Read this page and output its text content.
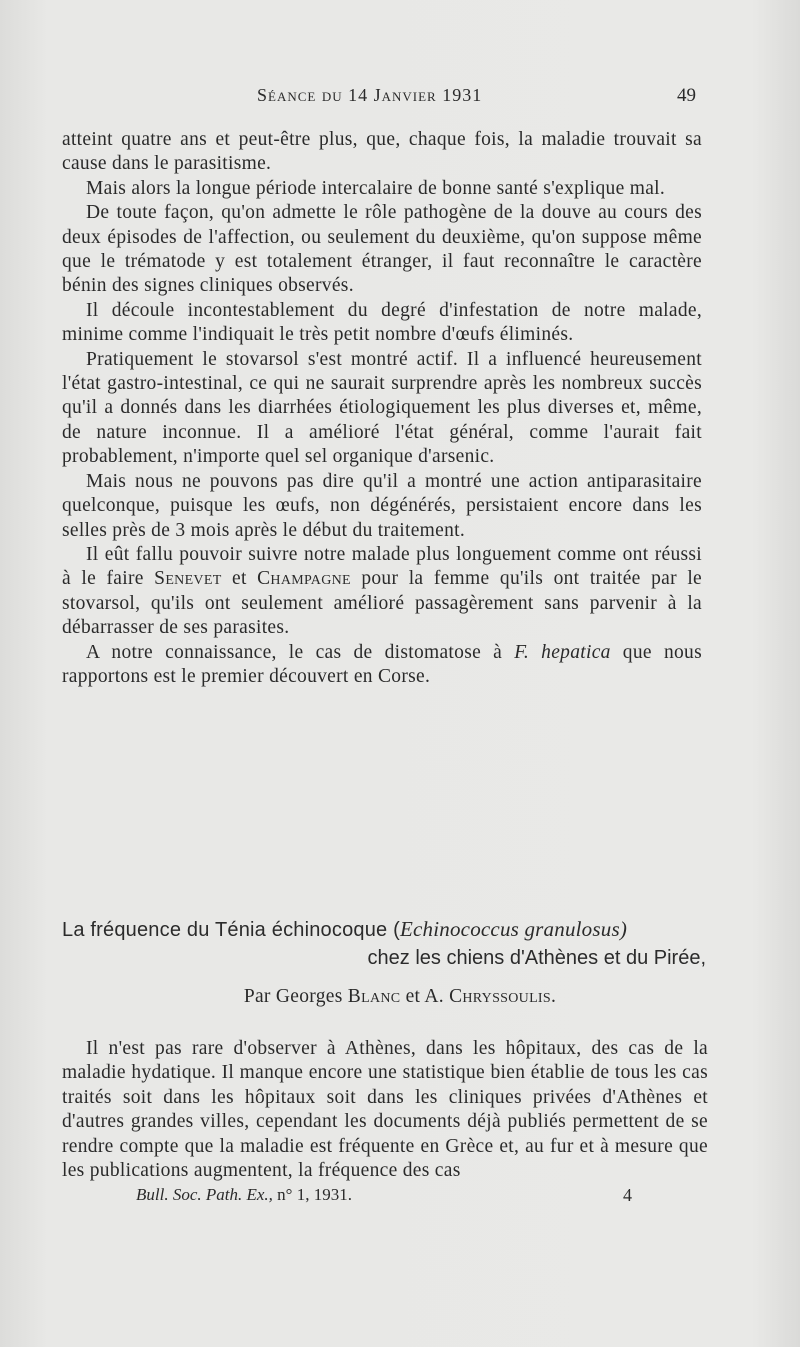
Séance du 14 Janvier 1931	49

atteint quatre ans et peut-être plus, que, chaque fois, la maladie trouvait sa cause dans le parasitisme.

Mais alors la longue période intercalaire de bonne santé s'explique mal.

De toute façon, qu'on admette le rôle pathogène de la douve au cours des deux épisodes de l'affection, ou seulement du deuxième, qu'on suppose même que le trématode y est totalement étranger, il faut reconnaître le caractère bénin des signes cliniques observés.

Il découle incontestablement du degré d'infestation de notre malade, minime comme l'indiquait le très petit nombre d'œufs éliminés.

Pratiquement le stovarsol s'est montré actif. Il a influencé heureusement l'état gastro-intestinal, ce qui ne saurait surprendre après les nombreux succès qu'il a donnés dans les diarrhées étiologiquement les plus diverses et, même, de nature inconnue. Il a amélioré l'état général, comme l'aurait fait probablement, n'importe quel sel organique d'arsenic.

Mais nous ne pouvons pas dire qu'il a montré une action antiparasitaire quelconque, puisque les œufs, non dégénérés, persistaient encore dans les selles près de 3 mois après le début du traitement.

Il eût fallu pouvoir suivre notre malade plus longuement comme ont réussi à le faire Senevet et Champagne pour la femme qu'ils ont traitée par le stovarsol, qu'ils ont seulement amélioré passagèrement sans parvenir à la débarrasser de ses parasites.

A notre connaissance, le cas de distomatose à F. hepatica que nous rapportons est le premier découvert en Corse.

La fréquence du Ténia échinocoque (Echinococcus granulosus)
chez les chiens d'Athènes et du Pirée,
Par Georges Blanc et A. Chryssoulis.

Il n'est pas rare d'observer à Athènes, dans les hôpitaux, des cas de la maladie hydatique. Il manque encore une statistique bien établie de tous les cas traités soit dans les hôpitaux soit dans les cliniques privées d'Athènes et d'autres grandes villes, cependant les documents déjà publiés permettent de se rendre compte que la maladie est fréquente en Grèce et, au fur et à mesure que les publications augmentent, la fréquence des cas

Bull. Soc. Path. Ex., n° 1, 1931.	4
